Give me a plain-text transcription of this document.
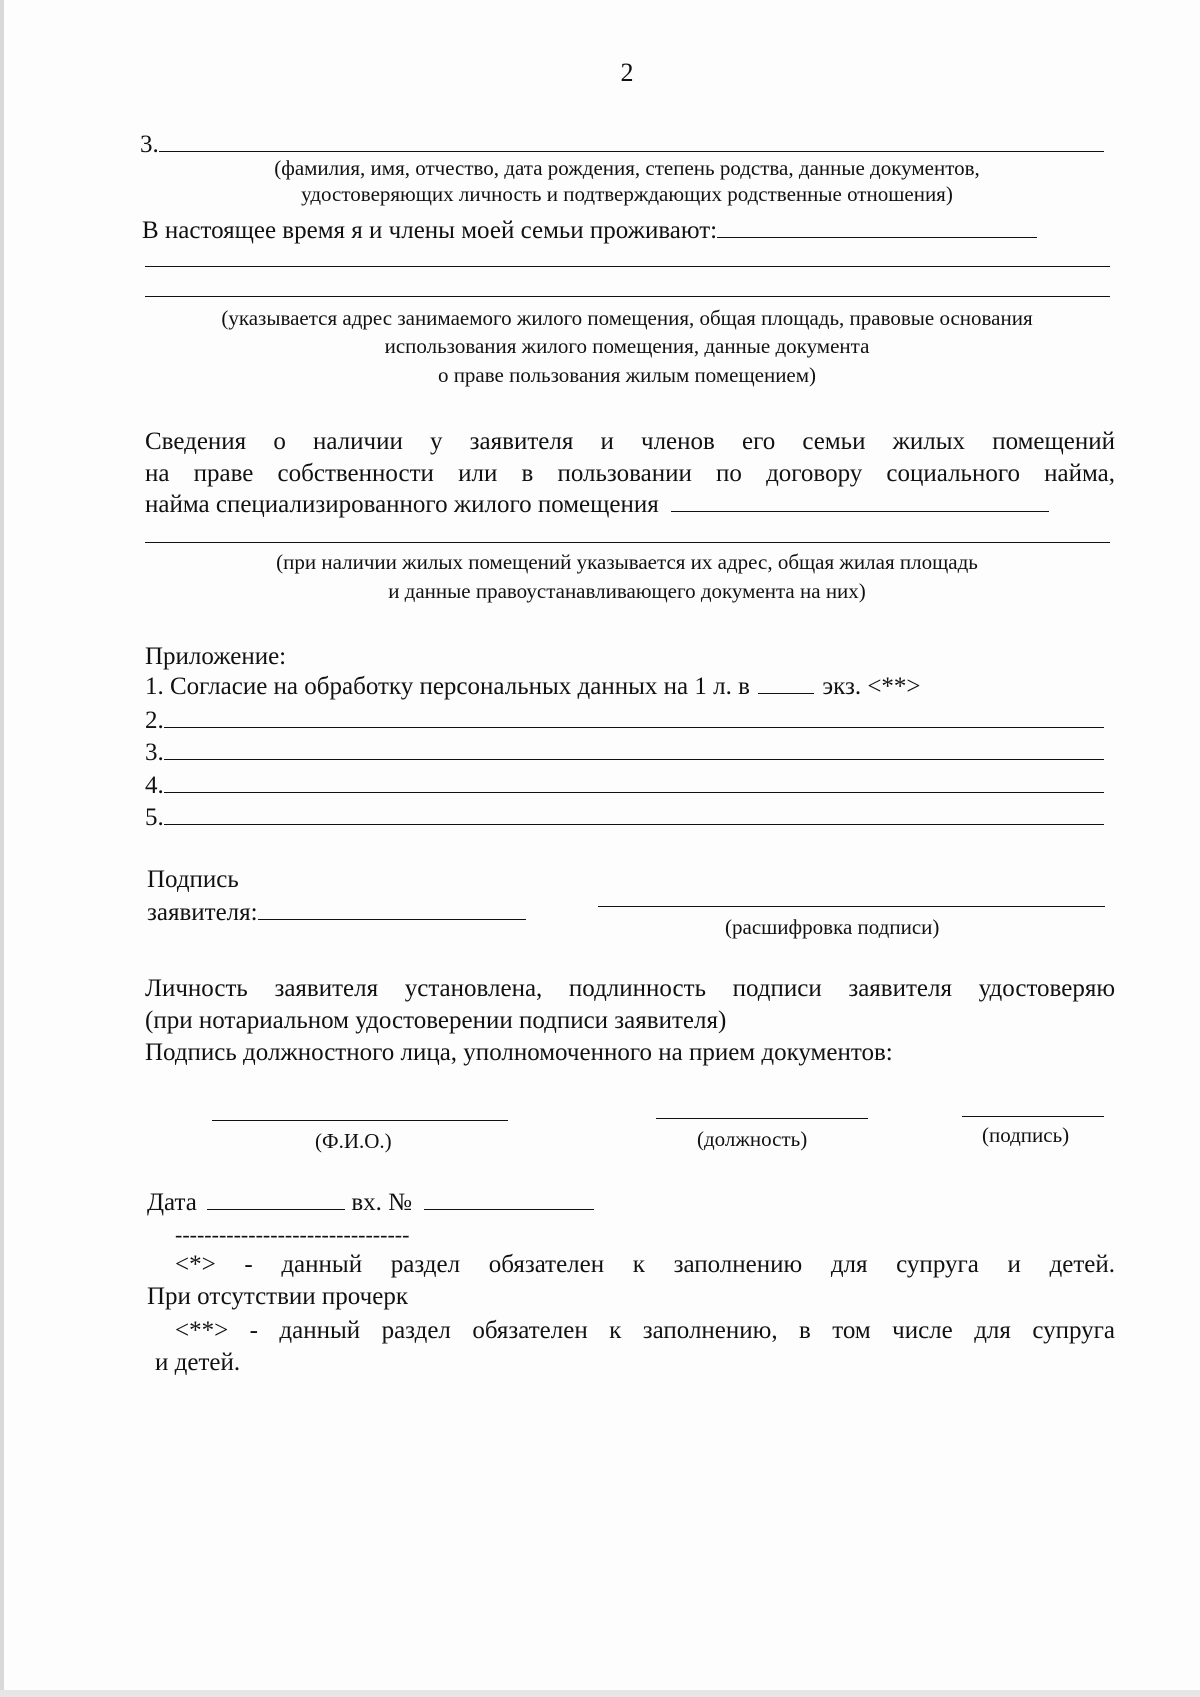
2
3.
(фамилия, имя, отчество, дата рождения, степень родства, данные документов,
удостоверяющих личность и подтверждающих родственные отношения)
В настоящее время я и члены моей семьи проживают:
(указывается адрес занимаемого жилого помещения, общая площадь, правовые основания
использования жилого помещения, данные документа
о праве пользования жилым помещением)
Сведения о наличии у заявителя и членов его семьи жилых помещений
на праве собственности или в пользовании по договору социального найма,
найма специализированного жилого помещения
(при наличии жилых помещений указывается их адрес, общая жилая площадь
и данные правоустанавливающего документа на них)
Приложение:
1. Согласие на обработку персональных данных на 1 л. в	экз. <**>
2.
3.
4.
5.
Подпись
заявителя:
(расшифровка подписи)
Личность заявителя установлена, подлинность подписи заявителя удостоверяю
(при нотариальном удостоверении подписи заявителя)
Подпись должностного лица, уполномоченного на прием документов:
(Ф.И.О.)	(должность)	(подпись)
Дата	вх. №
--------------------------------
<*> - данный раздел обязателен к заполнению для супруга и детей.
При отсутствии прочерк
<**> - данный раздел обязателен к заполнению, в том числе для супруга
и детей.
